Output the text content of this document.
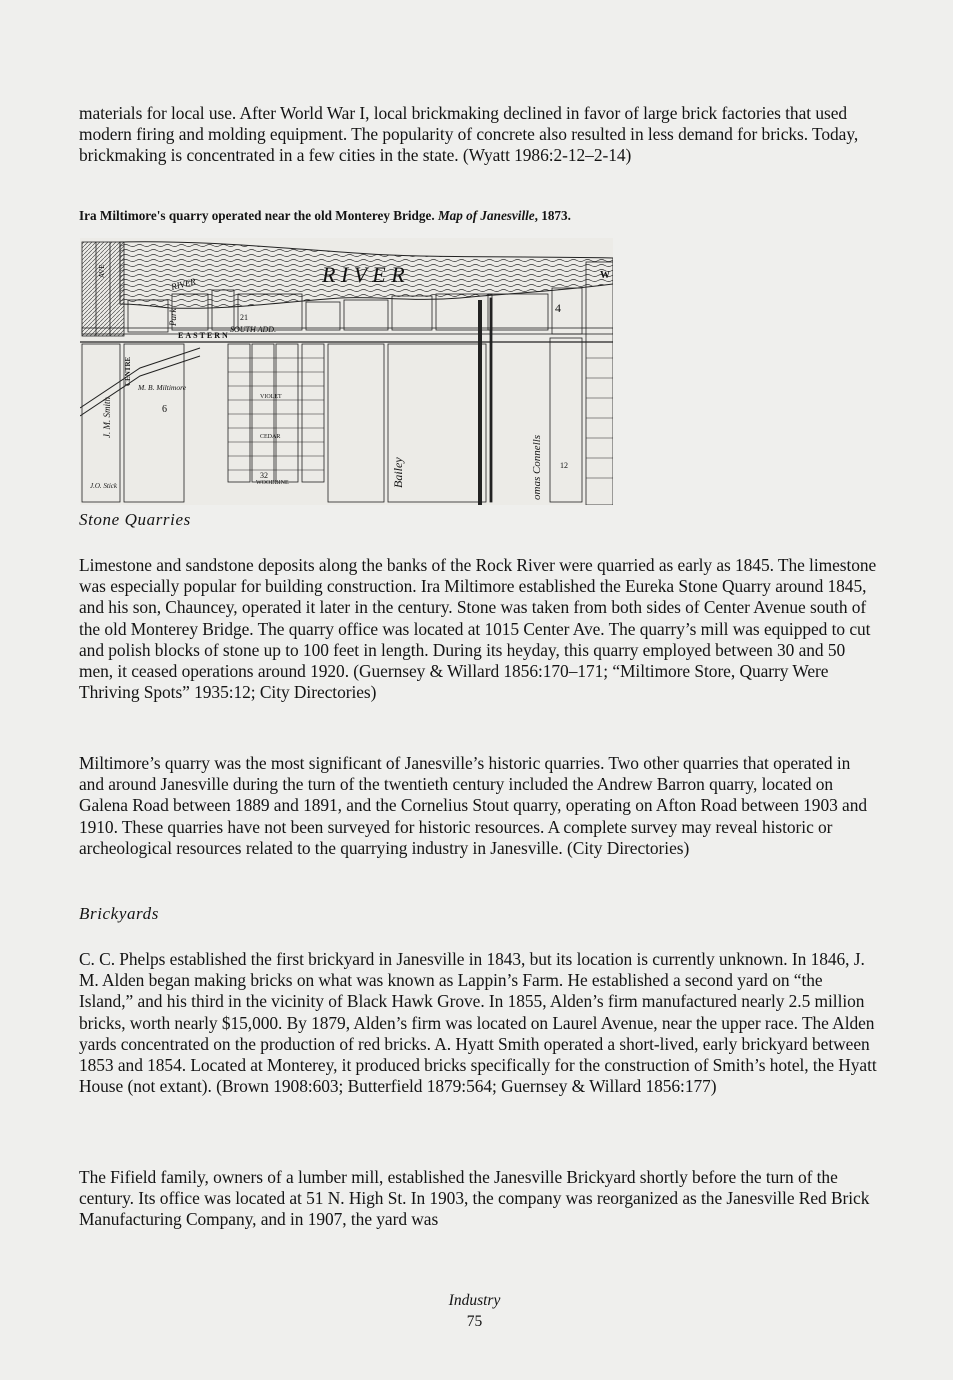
materials for local use. After World War I, local brickmaking declined in favor of large brick factories that used modern firing and molding equipment. The popularity of concrete also resulted in less demand for bricks. Today, brickmaking is concentrated in a few cities in the state. (Wyatt 1986:2-12–2-14)

Ira Miltimore's quarry operated near the old Monterey Bridge. Map of Janesville, 1873.

R I V E R
RIVER
EASTERN
SOUTH ADD.
M. B. Miltimore
6
21
32
12
4
W
VIOLET
CEDAR
WOODBINE
J.O. Stick	Bailey	omas Connells
J. M. Smith
Park
AVE
CENTRE
Stone Quarries

Limestone and sandstone deposits along the banks of the Rock River were quarried as early as 1845. The limestone was especially popular for building construction. Ira Miltimore established the Eureka Stone Quarry around 1845, and his son, Chauncey, operated it later in the century. Stone was taken from both sides of Center Avenue south of the old Monterey Bridge. The quarry office was located at 1015 Center Ave. The quarry’s mill was equipped to cut and polish blocks of stone up to 100 feet in length. During its heyday, this quarry employed between 30 and 50 men, it ceased operations around 1920. (Guernsey & Willard 1856:170–171; “Miltimore Store, Quarry Were Thriving Spots” 1935:12; City Directories)

Miltimore’s quarry was the most significant of Janesville’s historic quarries. Two other quarries that operated in and around Janesville during the turn of the twentieth century included the Andrew Barron quarry, located on Galena Road between 1889 and 1891, and the Cornelius Stout quarry, operating on Afton Road between 1903 and 1910. These quarries have not been surveyed for historic resources. A complete survey may reveal historic or archeological resources related to the quarrying industry in Janesville. (City Directories)

Brickyards

C. C. Phelps established the first brickyard in Janesville in 1843, but its location is currently unknown. In 1846, J. M. Alden began making bricks on what was known as Lappin’s Farm. He established a second yard on “the Island,” and his third in the vicinity of Black Hawk Grove. In 1855, Alden’s firm manufactured nearly 2.5 million bricks, worth nearly $15,000. By 1879, Alden’s firm was located on Laurel Avenue, near the upper race. The Alden yards concentrated on the production of red bricks. A. Hyatt Smith operated a short-lived, early brickyard between 1853 and 1854. Located at Monterey, it produced bricks specifically for the construction of Smith’s hotel, the Hyatt House (not extant). (Brown 1908:603; Butterfield 1879:564; Guernsey & Willard 1856:177)

The Fifield family, owners of a lumber mill, established the Janesville Brickyard shortly before the turn of the century. Its office was located at 51 N. High St. In 1903, the company was reorganized as the Janesville Red Brick Manufacturing Company, and in 1907, the yard was

Industry

75
